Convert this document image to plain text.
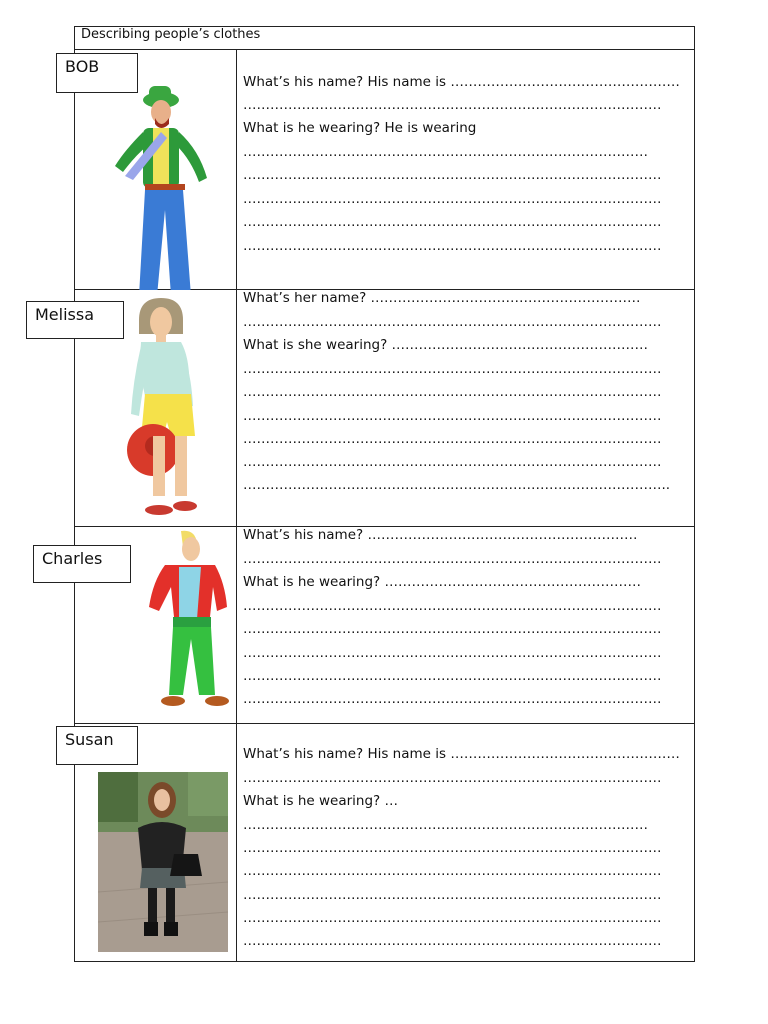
Describing people’s clothes
What’s his name? His name is ……………………………………………
…………………………………………………………………………………
What is he wearing? He is wearing
………………………………………………………………………………
…………………………………………………………………………………
…………………………………………………………………………………
…………………………………………………………………………………
…………………………………………………………………………………
What’s her name? ……………………………………………………
…………………………………………………………………………………
What is she wearing? …………………………………………………
…………………………………………………………………………………
…………………………………………………………………………………
…………………………………………………………………………………
…………………………………………………………………………………
…………………………………………………………………………………
…………………………………………………………………………………..
What’s his name? ……………………………………………………
…………………………………………………………………………………
What is he wearing? …………………………………………………
…………………………………………………………………………………
…………………………………………………………………………………
…………………………………………………………………………………
…………………………………………………………………………………
…………………………………………………………………………………
What’s his name? His name is ……………………………………………
…………………………………………………………………………………
What is he wearing? …
………………………………………………………………………………
…………………………………………………………………………………
…………………………………………………………………………………
…………………………………………………………………………………
…………………………………………………………………………………
…………………………………………………………………………………
BOB
Melissa
Charles
Susan
